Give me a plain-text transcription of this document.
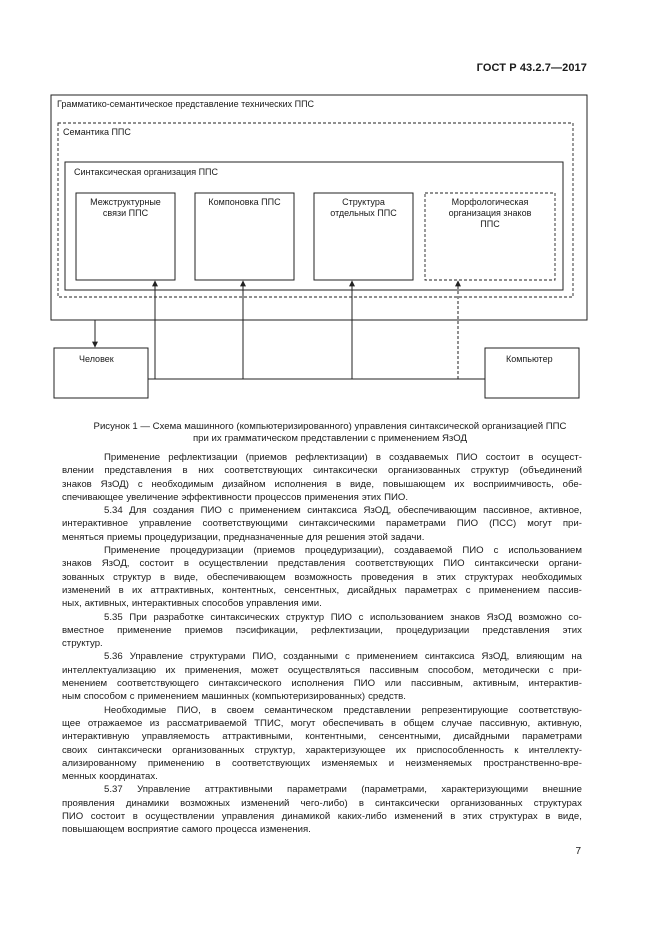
ГОСТ Р 43.2.7—2017
Грамматико-семантическое представление технических ППС
Семантика ППС
Синтаксическая организация ППС
Межструктурные
связи ППС
Компоновка ППС	Структура
отдельных ППС
Морфологическая
организация знаков
ППС
Человек	Компьютер
Рисунок 1 — Схема машинного (компьютеризированного) управления синтаксической организацией ППС
при их грамматическом представлении с применением ЯзОД
Применение рефлектизации (приемов рефлектизации) в создаваемых ПИО состоит в осущест-
влении представления в них соответствующих синтаксически организованных структур (объединений
знаков ЯзОД) с необходимым дизайном исполнения в виде, повышающем их восприимчивость, обе-
спечивающее увеличение эффективности процессов применения этих ПИО.
5.34 Для создания ПИО с применением синтаксиса ЯзОД, обеспечивающим пассивное, активное,
интерактивное управление соответствующими синтаксическими параметрами ПИО (ПСС) могут при-
меняться приемы процедуризации, предназначенные для решения этой задачи.
Применение процедуризации (приемов процедуризации), создаваемой ПИО с использованием
знаков ЯзОД, состоит в осуществлении представления соответствующих ПИО синтаксически органи-
зованных структур в виде, обеспечивающем возможность проведения в этих структурах необходимых
изменений в их аттрактивных, контентных, сенсентных, дисайдных параметрах с применением пассив-
ных, активных, интерактивных способов управления ими.
5.35 При разработке синтаксических структур ПИО с использованием знаков ЯзОД возможно со-
вместное применение приемов пэсификации, рефлектизации, процедуризации представления этих
структур.
5.36 Управление структурами ПИО, созданными с применением синтаксиса ЯзОД, влияющим на
интеллектуализацию их применения, может осуществляться пассивным способом, методически с при-
менением соответствующего синтаксического исполнения ПИО или пассивным, активным, интерактив-
ным способом с применением машинных (компьютеризированных) средств.
Необходимые ПИО, в своем семантическом представлении репрезентирующие соответствую-
щее отражаемое из рассматриваемой ТПИС, могут обеспечивать в общем случае пассивную, активную,
интерактивную управляемость аттрактивными, контентными, сенсентными, дисайдными параметрами
своих синтаксически организованных структур, характеризующее их приспособленность к интеллекту-
ализированному применению в соответствующих изменяемых и неизменяемых пространственно-вре-
менных координатах.
5.37 Управление аттрактивными параметрами (параметрами, характеризующими внешние
проявления динамики возможных изменений чего-либо) в синтаксически организованных структурах
ПИО состоит в осуществлении управления динамикой каких-либо изменений в этих структурах в виде,
повышающем восприятие самого процесса изменения.
7
